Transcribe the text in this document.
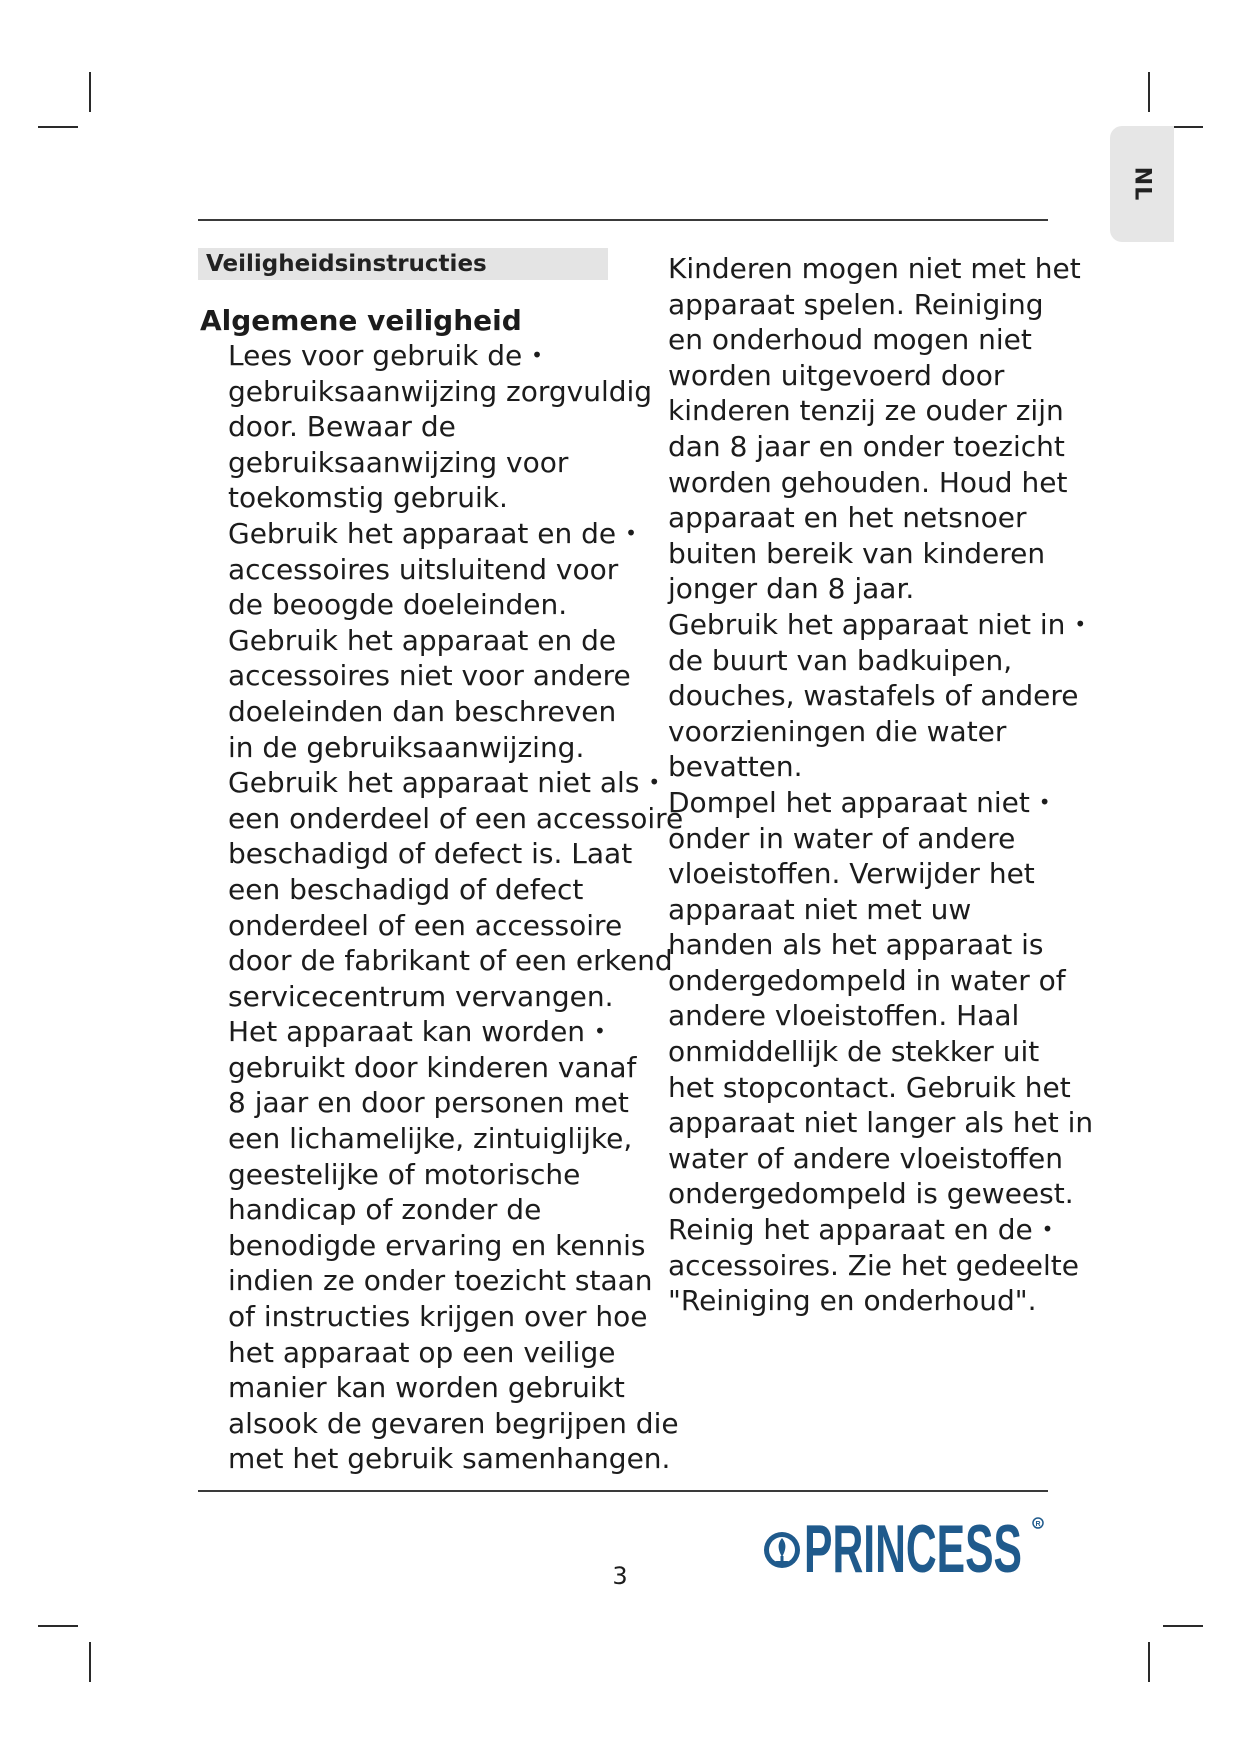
NL
Veiligheidsinstructies
Algemene veiligheid

Lees voor gebruik de •

gebruiksaanwijzing zorgvuldig

door. Bewaar de

gebruiksaanwijzing voor

toekomstig gebruik.

Gebruik het apparaat en de •

accessoires uitsluitend voor

de beoogde doeleinden.

Gebruik het apparaat en de

accessoires niet voor andere

doeleinden dan beschreven

in de gebruiksaanwijzing.

Gebruik het apparaat niet als •

een onderdeel of een accessoire

beschadigd of defect is. Laat

een beschadigd of defect

onderdeel of een accessoire

door de fabrikant of een erkend

servicecentrum vervangen.

Het apparaat kan worden •

gebruikt door kinderen vanaf

8 jaar en door personen met

een lichamelijke, zintuiglijke,

geestelijke of motorische

handicap of zonder de

benodigde ervaring en kennis

indien ze onder toezicht staan

of instructies krijgen over hoe

het apparaat op een veilige

manier kan worden gebruikt

alsook de gevaren begrijpen die

met het gebruik samenhangen.

Kinderen mogen niet met het

apparaat spelen. Reiniging

en onderhoud mogen niet

worden uitgevoerd door

kinderen tenzij ze ouder zijn

dan 8 jaar en onder toezicht

worden gehouden. Houd het

apparaat en het netsnoer

buiten bereik van kinderen

jonger dan 8 jaar.

Gebruik het apparaat niet in •

de buurt van badkuipen,

douches, wastafels of andere

voorzieningen die water

bevatten.

Dompel het apparaat niet •

onder in water of andere

vloeistoffen. Verwijder het

apparaat niet met uw

handen als het apparaat is

ondergedompeld in water of

andere vloeistoffen. Haal

onmiddellijk de stekker uit

het stopcontact. Gebruik het

apparaat niet langer als het in

water of andere vloeistoffen

ondergedompeld is geweest.

Reinig het apparaat en de •

accessoires. Zie het gedeelte

"Reiniging en onderhoud".

3	PRINCESS R
